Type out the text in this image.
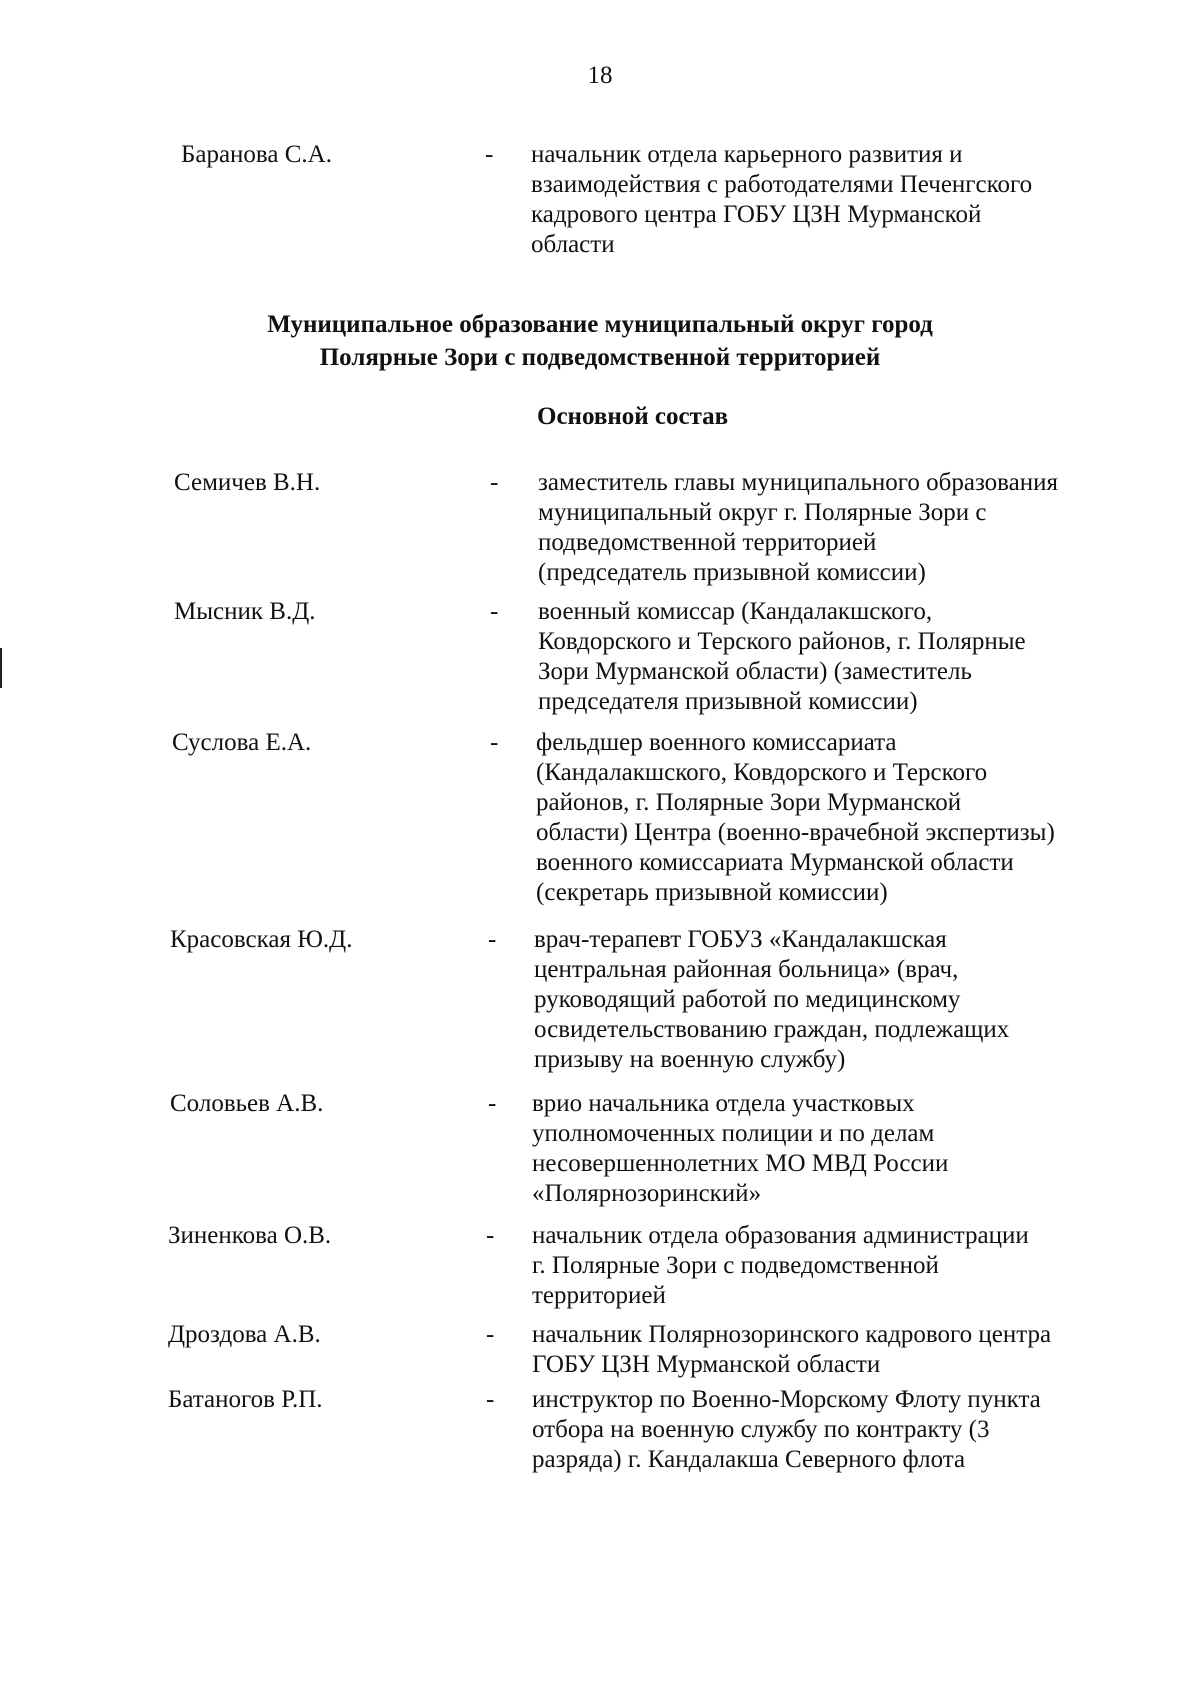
18
Баранова С.А.	- начальник отдела карьерного развития и
взаимодействия с работодателями Печенгского
кадрового центра ГОБУ ЦЗН Мурманской
области
Муниципальное образование муниципальный округ город
Полярные Зори с подведомственной территорией
Основной состав
Семичев В.Н.	- заместитель главы муниципального образования
муниципальный округ г. Полярные Зори с
подведомственной территорией
(председатель призывной комиссии)
Мысник В.Д.	- военный комиссар (Кандалакшского,
Ковдорского и Терского районов, г. Полярные
Зори Мурманской области) (заместитель
председателя призывной комиссии)
Суслова Е.А.	- фельдшер военного комиссариата
(Кандалакшского, Ковдорского и Терского
районов, г. Полярные Зори Мурманской
области) Центра (военно-врачебной экспертизы)
военного комиссариата Мурманской области
(секретарь призывной комиссии)
Красовская Ю.Д.	- врач-терапевт ГОБУЗ «Кандалакшская
центральная районная больница» (врач,
руководящий работой по медицинскому
освидетельствованию граждан, подлежащих
призыву на военную службу)
Соловьев А.В.	- врио начальника отдела участковых
уполномоченных полиции и по делам
несовершеннолетних МО МВД России
«Полярнозоринский»
Зиненкова О.В.	- начальник отдела образования администрации
г. Полярные Зори с подведомственной
территорией
Дроздова А.В.	- начальник Полярнозоринского кадрового центра
ГОБУ ЦЗН Мурманской области
Батаногов Р.П.	- инструктор по Военно-Морскому Флоту пункта
отбора на военную службу по контракту (3
разряда) г. Кандалакша Северного флота
